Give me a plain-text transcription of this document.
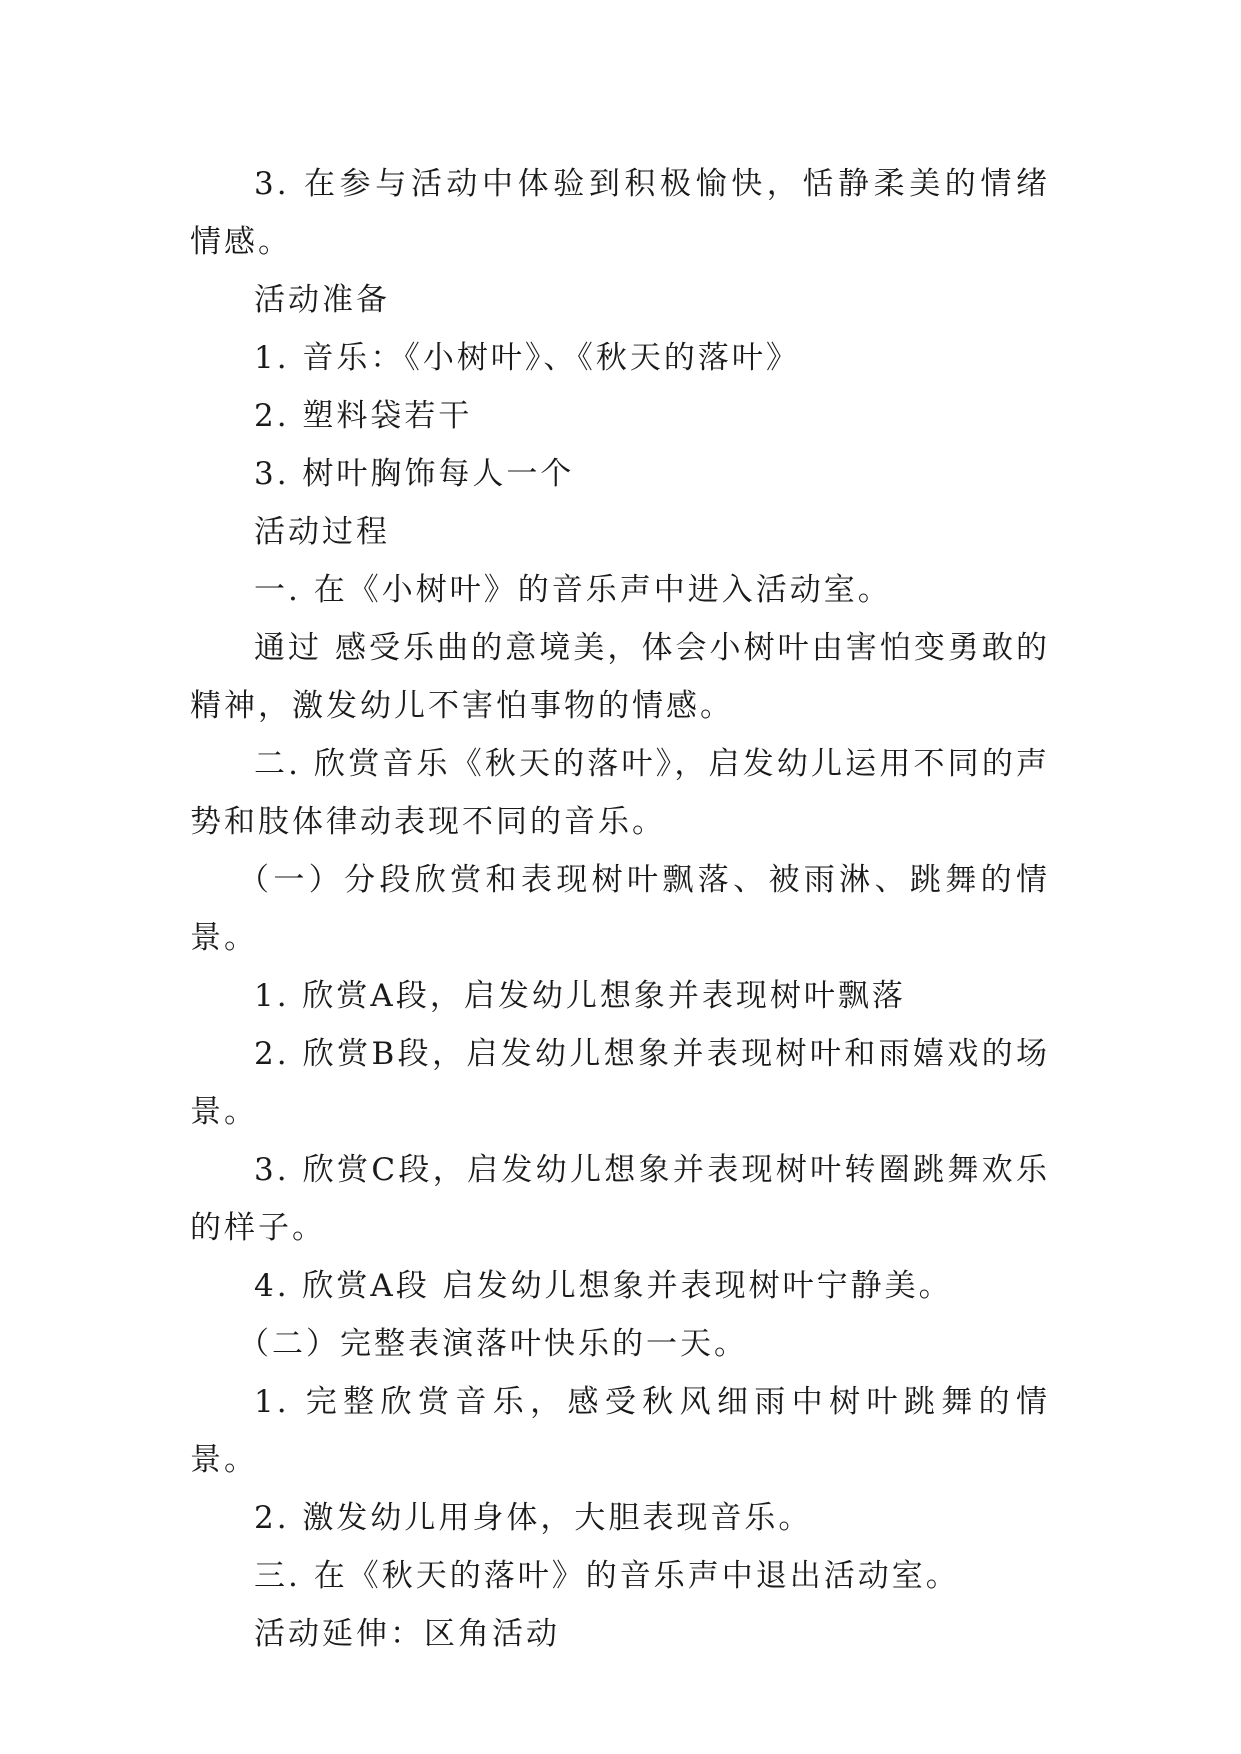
3. 在参与活动中体验到积极愉快，恬静柔美的情绪情感。

活动准备

1. 音乐：《小树叶》、《秋天的落叶》

2. 塑料袋若干

3. 树叶胸饰每人一个

活动过程

一. 在《小树叶》的音乐声中进入活动室。

通过 感受乐曲的意境美，体会小树叶由害怕变勇敢的精神，激发幼儿不害怕事物的情感。

二. 欣赏音乐《秋天的落叶》，启发幼儿运用不同的声势和肢体律动表现不同的音乐。

（一）分段欣赏和表现树叶飘落、被雨淋、跳舞的情景。

1. 欣赏A段，启发幼儿想象并表现树叶飘落

2. 欣赏B段，启发幼儿想象并表现树叶和雨嬉戏的场景。

3. 欣赏C段，启发幼儿想象并表现树叶转圈跳舞欢乐的样子。

4. 欣赏A段 启发幼儿想象并表现树叶宁静美。

（二）完整表演落叶快乐的一天。

1. 完整欣赏音乐，感受秋风细雨中树叶跳舞的情景。

2. 激发幼儿用身体，大胆表现音乐。

三. 在《秋天的落叶》的音乐声中退出活动室。

活动延伸：区角活动
